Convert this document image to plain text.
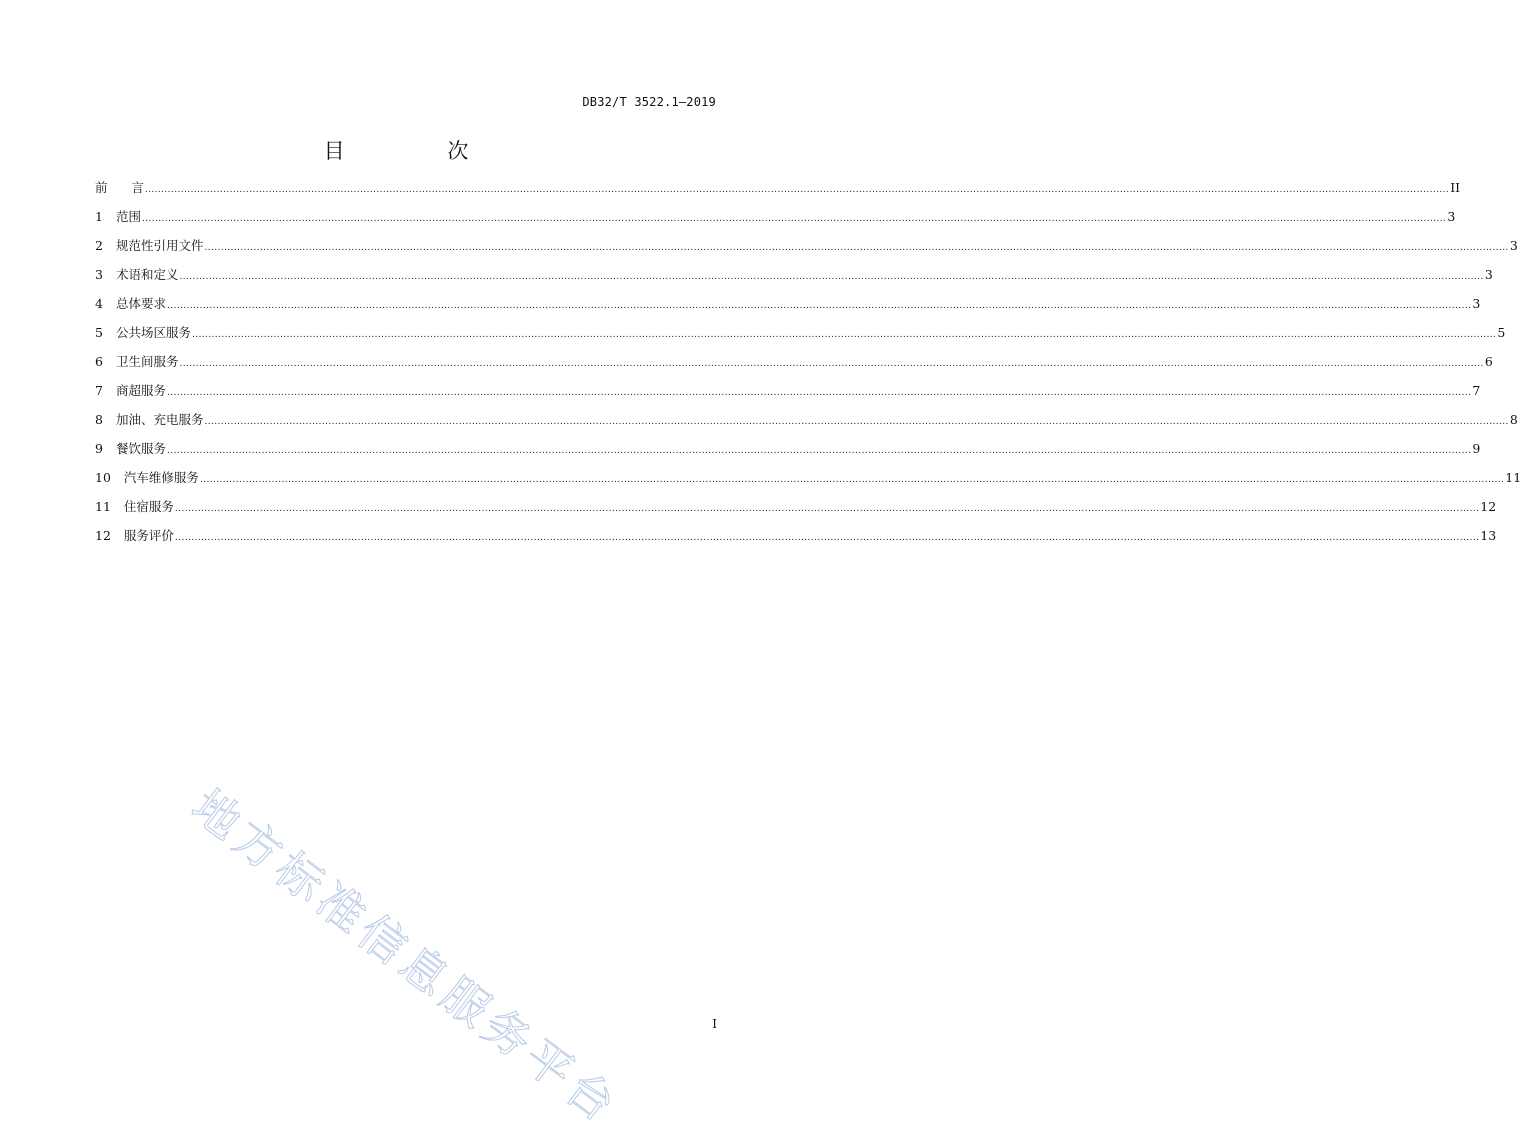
DB32/T 3522.1—2019
目 次
前      言 ................................................................................................................................................................................................................................................................................................................................................................................................................ II
1 范围 ................................................................................................................................................................................................................................................................................................................................................................................................................ 3
2 规范性引用文件 ................................................................................................................................................................................................................................................................................................................................................................................................................ 3
3 术语和定义 ................................................................................................................................................................................................................................................................................................................................................................................................................ 3
4 总体要求 ................................................................................................................................................................................................................................................................................................................................................................................................................ 3
5 公共场区服务 ................................................................................................................................................................................................................................................................................................................................................................................................................ 5
6 卫生间服务 ................................................................................................................................................................................................................................................................................................................................................................................................................ 6
7 商超服务 ................................................................................................................................................................................................................................................................................................................................................................................................................ 7
8 加油、充电服务 ................................................................................................................................................................................................................................................................................................................................................................................................................ 8
9 餐饮服务 ................................................................................................................................................................................................................................................................................................................................................................................................................ 9
10 汽车维修服务 ................................................................................................................................................................................................................................................................................................................................................................................................................ 11
11 住宿服务 ................................................................................................................................................................................................................................................................................................................................................................................................................ 12
12 服务评价 ................................................................................................................................................................................................................................................................................................................................................................................................................ 13
地方标准信息服务平台	I
